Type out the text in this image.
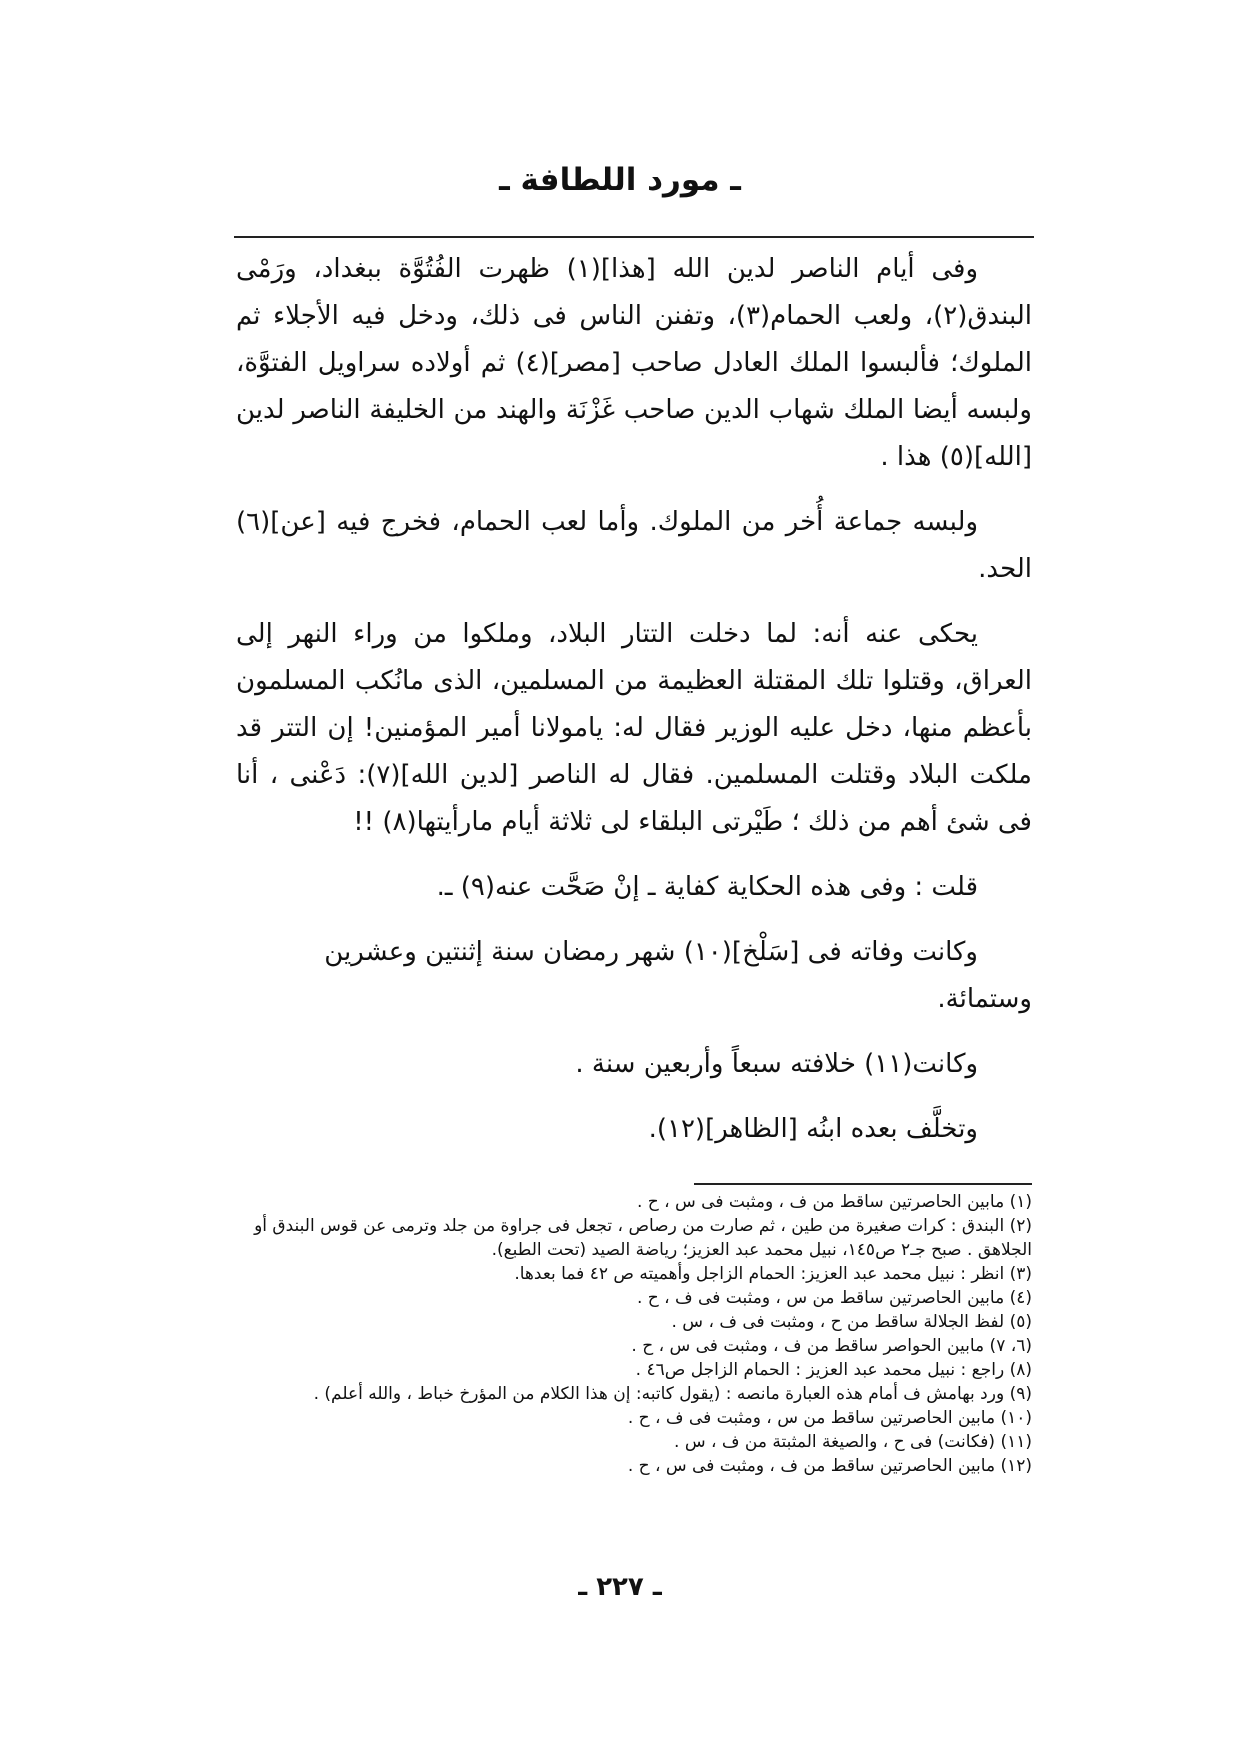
ـ مورد اللطافة ـ

وفى أيام الناصر لدين الله [هذا](١) ظهرت الفُتُوَّة ببغداد، ورَمْى البندق(٢)، ولعب الحمام(٣)، وتفنن الناس فى ذلك، ودخل فيه الأجلاء ثم الملوك؛ فألبسوا الملك العادل صاحب [مصر](٤) ثم أولاده سراويل الفتوَّة، ولبسه أيضا الملك شهاب الدين صاحب غَزْنَة والهند من الخليفة الناصر لدين [الله](٥) هذا .

ولبسه جماعة أُخر من الملوك. وأما لعب الحمام، فخرج فيه [عن](٦) الحد.

يحكى عنه أنه: لما دخلت التتار البلاد، وملكوا من وراء النهر إلى العراق، وقتلوا تلك المقتلة العظيمة من المسلمين، الذى مانُكب المسلمون بأعظم منها، دخل عليه الوزير فقال له: يامولانا أمير المؤمنين! إن التتر قد ملكت البلاد وقتلت المسلمين. فقال له الناصر [لدين الله](٧): دَعْنى ، أنا فى شئ أهم من ذلك ؛ طَيْرتى البلقاء لى ثلاثة أيام مارأيتها(٨) !!

قلت : وفى هذه الحكاية كفاية ـ إنْ صَحَّت عنه(٩) ـ.

وكانت وفاته فى [سَلْخ](١٠) شهر رمضان سنة إثنتين وعشرين وستمائة.

وكانت(١١) خلافته سبعاً وأربعين سنة .

وتخلَّف بعده ابنُه [الظاهر](١٢).

(١) مابين الحاصرتين ساقط من ف ، ومثبت فى س ، ح .
(٢) البندق : كرات صغيرة من طين ، ثم صارت من رصاص ، تجعل فى جراوة من جلد وترمى عن قوس البندق أو الجلاهق . صبح جـ٢ ص١٤٥، نبيل محمد عبد العزيز؛ رياضة الصيد (تحت الطبع).
(٣) انظر : نبيل محمد عبد العزيز: الحمام الزاجل وأهميته ص ٤٢ فما بعدها.
(٤) مابين الحاصرتين ساقط من س ، ومثبت فى ف ، ح .
(٥) لفظ الجلالة ساقط من ح ، ومثبت فى ف ، س .
(٦، ٧) مابين الحواصر ساقط من ف ، ومثبت فى س ، ح .
(٨) راجع : نبيل محمد عبد العزيز : الحمام الزاجل ص٤٦ .
(٩) ورد بهامش ف أمام هذه العبارة مانصه : (يقول كاتبه: إن هذا الكلام من المؤرخ خباط ، والله أعلم) .
(١٠) مابين الحاصرتين ساقط من س ، ومثبت فى ف ، ح .
(١١) (فكانت) فى ح ، والصيغة المثبتة من ف ، س .
(١٢) مابين الحاصرتين ساقط من ف ، ومثبت فى س ، ح .
ـ ٢٢٧ ـ
